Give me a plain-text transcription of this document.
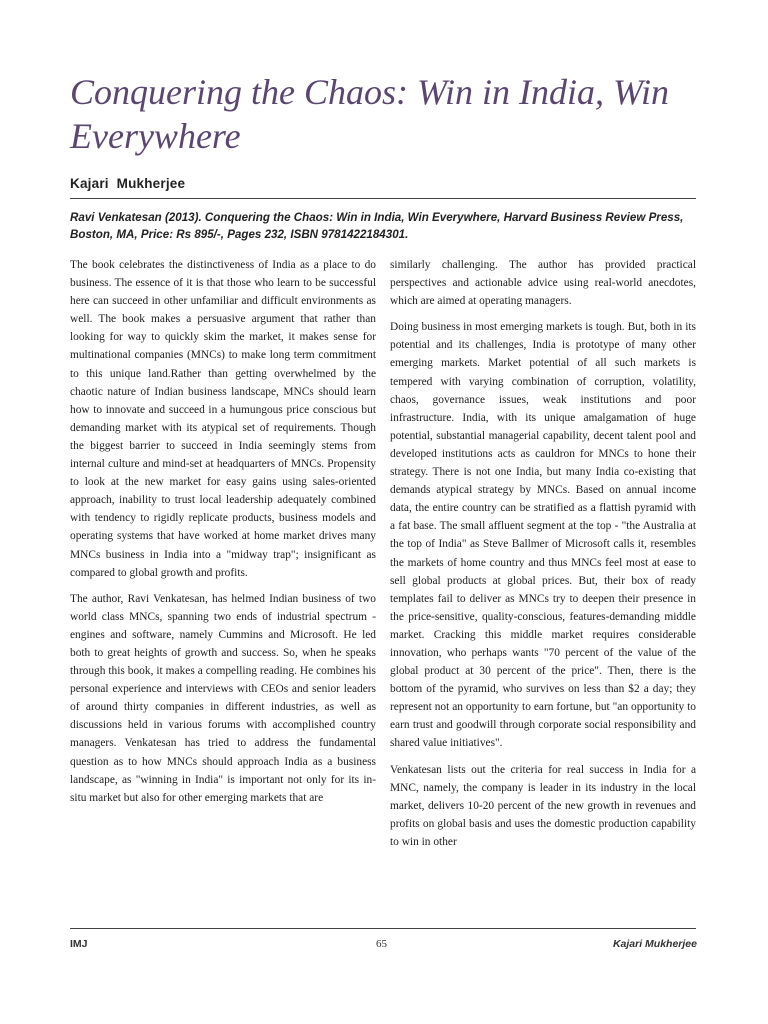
Conquering the Chaos: Win in India, Win Everywhere
Kajari  Mukherjee

Ravi Venkatesan (2013). Conquering the Chaos: Win in India, Win Everywhere, Harvard Business Review Press, Boston, MA, Price: Rs 895/-, Pages 232, ISBN 9781422184301.

The book celebrates the distinctiveness of India as a place to do business. The essence of it is that those who learn to be successful here can succeed in other unfamiliar and difficult environments as well. The book makes a persuasive argument that rather than looking for way to quickly skim the market, it makes sense for multinational companies (MNCs) to make long term commitment to this unique land.Rather than getting overwhelmed by the chaotic nature of Indian business landscape, MNCs should learn how to innovate and succeed in a humungous price conscious but demanding market with its atypical set of requirements. Though the biggest barrier to succeed in India seemingly stems from internal culture and mind-set at headquarters of MNCs. Propensity to look at the new market for easy gains using sales-oriented approach, inability to trust local leadership adequately combined with tendency to rigidly replicate products, business models and operating systems that have worked at home market drives many MNCs business in India into a "midway trap"; insignificant as compared to global growth and profits.

The author, Ravi Venkatesan, has helmed Indian business of two world class MNCs, spanning two ends of industrial spectrum - engines and software, namely Cummins and Microsoft. He led both to great heights of growth and success. So, when he speaks through this book, it makes a compelling reading. He combines his personal experience and interviews with CEOs and senior leaders of around thirty companies in different industries, as well as discussions held in various forums with accomplished country managers. Venkatesan has tried to address the fundamental question as to how MNCs should approach India as a business landscape, as "winning in India" is important not only for its in-situ market but also for other emerging markets that are

similarly challenging. The author has provided practical perspectives and actionable advice using real-world anecdotes, which are aimed at operating managers.

Doing business in most emerging markets is tough. But, both in its potential and its challenges, India is prototype of many other emerging markets. Market potential of all such markets is tempered with varying combination of corruption, volatility, chaos, governance issues, weak institutions and poor infrastructure. India, with its unique amalgamation of huge potential, substantial managerial capability, decent talent pool and developed institutions acts as cauldron for MNCs to hone their strategy. There is not one India, but many India co-existing that demands atypical strategy by MNCs. Based on annual income data, the entire country can be stratified as a flattish pyramid with a fat base. The small affluent segment at the top - "the Australia at the top of India" as Steve Ballmer of Microsoft calls it, resembles the markets of home country and thus MNCs feel most at ease to sell global products at global prices. But, their box of ready templates fail to deliver as MNCs try to deepen their presence in the price-sensitive, quality-conscious, features-demanding middle market. Cracking this middle market requires considerable innovation, who perhaps wants "70 percent of the value of the global product at 30 percent of the price". Then, there is the bottom of the pyramid, who survives on less than $2 a day; they represent not an opportunity to earn fortune, but "an opportunity to earn trust and goodwill through corporate social responsibility and shared value initiatives".

Venkatesan lists out the criteria for real success in India for a MNC, namely, the company is leader in its industry in the local market, delivers 10-20 percent of the new growth in revenues and profits on global basis and uses the domestic production capability to win in other

IMJ	65	Kajari Mukherjee
